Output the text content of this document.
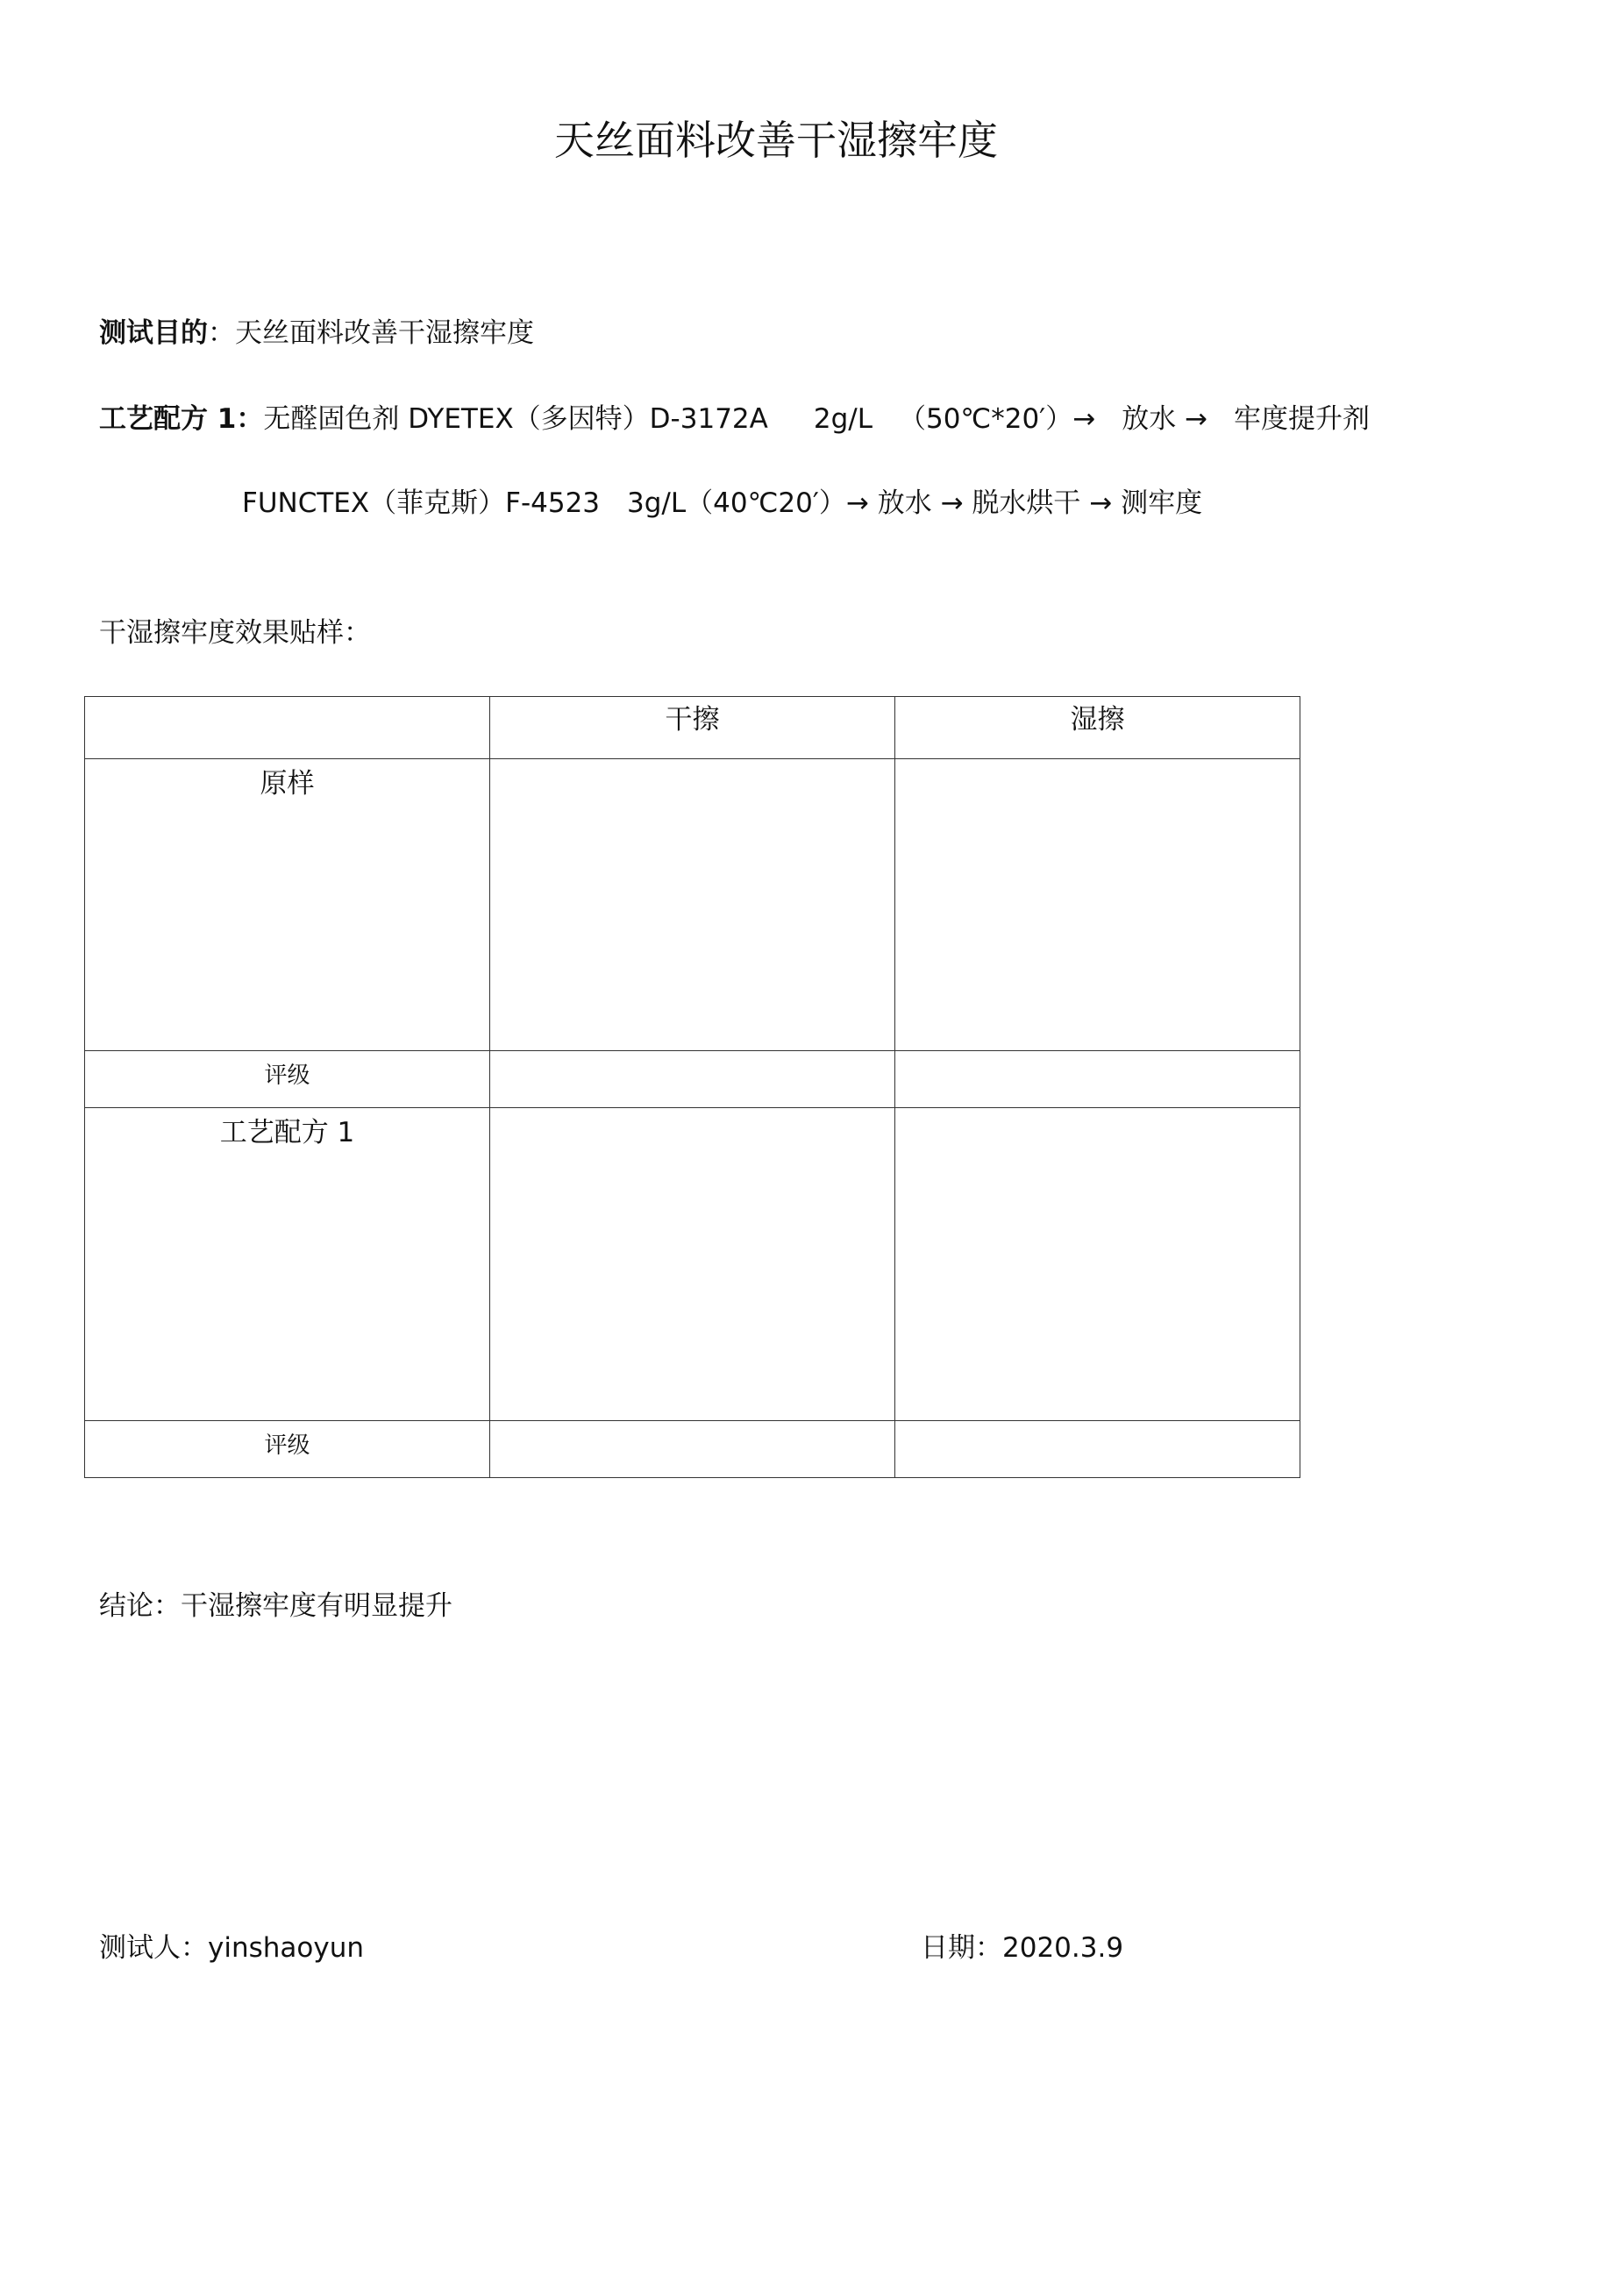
天丝面料改善干湿擦牢度
测试目的：天丝面料改善干湿擦牢度
工艺配方 1：无醛固色剂 DYETEX（多因特）D-3172A 2g/L （50℃*20′）→ 放水 → 牢度提升剂
FUNCTEX（菲克斯）F-4523　3g/L（40℃20′）→ 放水 → 脱水烘干 → 测牢度
干湿擦牢度效果贴样：
	干擦	湿擦
原样		
评级		
工艺配方 1		
评级		
结论：干湿擦牢度有明显提升
测试人：yinshaoyun	日期：2020.3.9
